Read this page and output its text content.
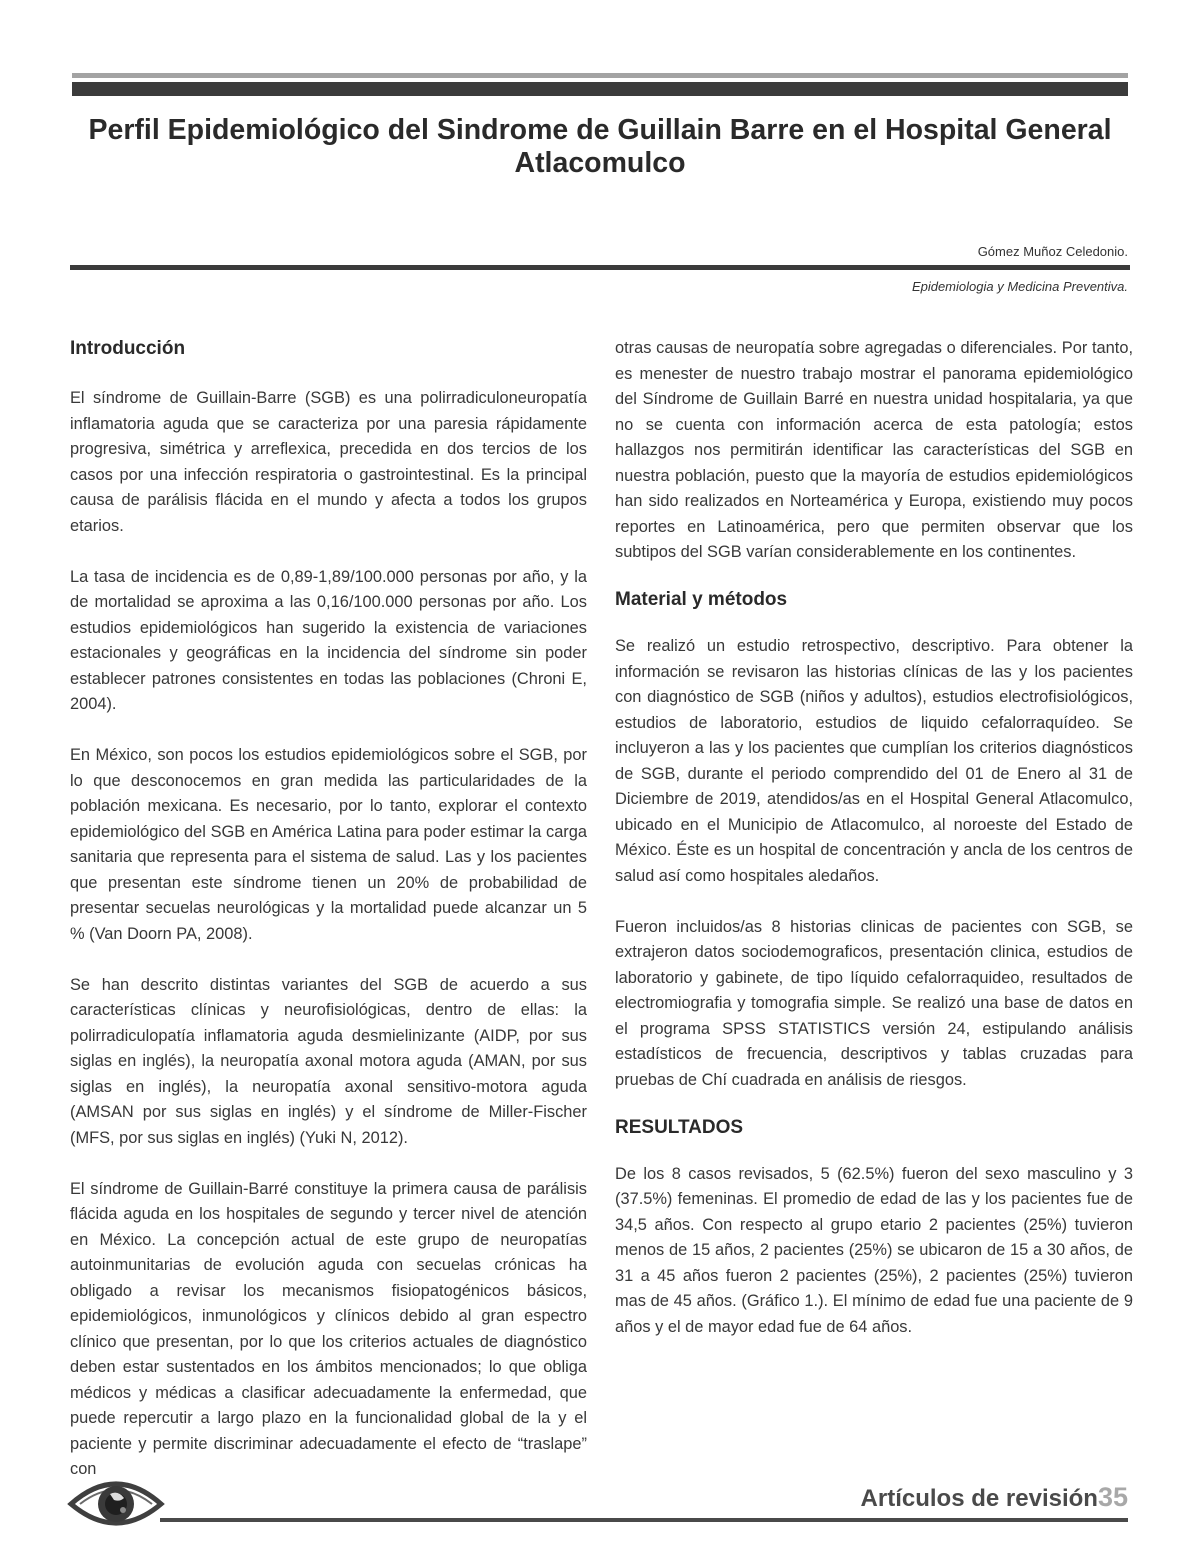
Perfil Epidemiológico del Sindrome de Guillain Barre en el Hospital General Atlacomulco
Gómez Muñoz Celedonio.
Epidemiologia y Medicina Preventiva.
Introducción

El síndrome de Guillain-Barre (SGB) es una polirradiculoneuropatía inflamatoria aguda que se caracteriza por una paresia rápidamente progresiva, simétrica y arreflexica, precedida en dos tercios de los casos por una infección respiratoria o gastrointestinal. Es la principal causa de parálisis flácida en el mundo y afecta a todos los grupos etarios.

La tasa de incidencia es de 0,89-1,89/100.000 personas por año, y la de mortalidad se aproxima a las 0,16/100.000 personas por año. Los estudios epidemiológicos han sugerido la existencia de variaciones estacionales y geográficas en la incidencia del síndrome sin poder establecer patrones consistentes en todas las poblaciones (Chroni E, 2004).

En México, son pocos los estudios epidemiológicos sobre el SGB, por lo que desconocemos en gran medida las particularidades de la población mexicana. Es necesario, por lo tanto, explorar el contexto epidemiológico del SGB en América Latina para poder estimar la carga sanitaria que representa para el sistema de salud. Las y los pacientes que presentan este síndrome tienen un 20% de probabilidad de presentar secuelas neurológicas y la mortalidad puede alcanzar un 5 % (Van Doorn PA, 2008).

Se han descrito distintas variantes del SGB de acuerdo a sus características clínicas y neurofisiológicas, dentro de ellas: la polirradiculopatía inflamatoria aguda desmielinizante (AIDP, por sus siglas en inglés), la neuropatía axonal motora aguda (AMAN, por sus siglas en inglés), la neuropatía axonal sensitivo-motora aguda (AMSAN por sus siglas en inglés) y el síndrome de Miller-Fischer (MFS, por sus siglas en inglés) (Yuki N, 2012).

El síndrome de Guillain-Barré constituye la primera causa de parálisis flácida aguda en los hospitales de segundo y tercer nivel de atención en México. La concepción actual de este grupo de neuropatías autoinmunitarias de evolución aguda con secuelas crónicas ha obligado a revisar los mecanismos fisiopatogénicos básicos, epidemiológicos, inmunológicos y clínicos debido al gran espectro clínico que presentan, por lo que los criterios actuales de diagnóstico deben estar sustentados en los ámbitos mencionados; lo que obliga médicos y médicas a clasificar adecuadamente la enfermedad, que puede repercutir a largo plazo en la funcionalidad global de la y el paciente y permite discriminar adecuadamente el efecto de “traslape” con

otras causas de neuropatía sobre agregadas o diferenciales. Por tanto, es menester de nuestro trabajo mostrar el panorama epidemiológico del Síndrome de Guillain Barré en nuestra unidad hospitalaria, ya que no se cuenta con información acerca de esta patología; estos hallazgos nos permitirán identificar las características del SGB en nuestra población, puesto que la mayoría de estudios epidemiológicos han sido realizados en Norteamérica y Europa, existiendo muy pocos reportes en Latinoamérica, pero que permiten observar que los subtipos del SGB varían considerablemente en los continentes.

Material y métodos

Se realizó un estudio retrospectivo, descriptivo. Para obtener la información se revisaron las historias clínicas de las y los pacientes con diagnóstico de SGB (niños y adultos), estudios electrofisiológicos, estudios de laboratorio, estudios de liquido cefalorraquídeo. Se incluyeron a las y los pacientes que cumplían los criterios diagnósticos de SGB, durante el periodo comprendido del 01 de Enero al 31 de Diciembre de 2019, atendidos/as en el Hospital General Atlacomulco, ubicado en el Municipio de Atlacomulco, al noroeste del Estado de México. Éste es un hospital de concentración y ancla de los centros de salud así como hospitales aledaños.

Fueron incluidos/as 8 historias clinicas de pacientes con SGB, se extrajeron datos sociodemograficos, presentación clinica, estudios de laboratorio y gabinete, de tipo líquido cefalorraquideo, resultados de electromiografia y tomografia simple. Se realizó una base de datos en el programa SPSS STATISTICS versión 24, estipulando análisis estadísticos de frecuencia, descriptivos y tablas cruzadas para pruebas de Chí cuadrada en análisis de riesgos.

RESULTADOS

De los 8 casos revisados, 5 (62.5%) fueron del sexo masculino y 3 (37.5%) femeninas. El promedio de edad de las y los pacientes fue de 34,5 años. Con respecto al grupo etario 2 pacientes (25%) tuvieron menos de 15 años, 2 pacientes (25%) se ubicaron de 15 a 30 años, de 31 a 45 años fueron 2 pacientes (25%), 2 pacientes (25%) tuvieron mas de 45 años. (Gráfico 1.). El mínimo de edad fue una paciente de 9 años y el de mayor edad fue de 64 años.

Artículos de revisión35
